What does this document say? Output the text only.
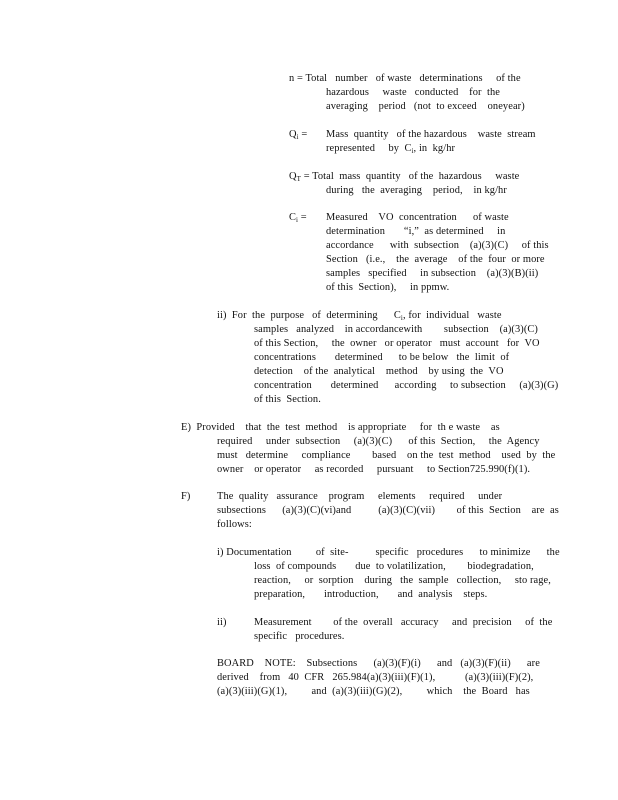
n = Total   number   of waste   determinations     of the
hazardous     waste   conducted    for  the
averaging    period   (not  to exceed    oneyear)
$Q_i$ = Mass  quantity   of the hazardous    waste  stream
represented     by  $C_i$, in  kg/hr
$Q_T$ = Total  mass  quantity   of the  hazardous     waste
during   the  averaging    period,    in kg/hr
$C_i$ = Measured    VO  concentration      of waste
determination       “i,”  as determined     in
accordance      with  subsection    (a)(3)(C)     of this
Section   (i.e.,    the  average    of the  four  or more
samples   specified     in subsection    (a)(3)(B)(ii)
of this  Section),     in ppmw.
ii)  For  the  purpose   of  determining      $C_i$, for  individual   waste
samples   analyzed    in accordancewith        subsection    (a)(3)(C)
of this Section,     the  owner   or operator   must  account   for  VO
concentrations       determined      to be below   the  limit  of
detection    of the  analytical    method    by using  the  VO
concentration       determined      according     to subsection     (a)(3)(G)
of this  Section.
E)  Provided    that  the  test  method    is appropriate     for  th e waste    as
required     under  subsection     (a)(3)(C)      of this  Section,     the  Agency
must   determine     compliance        based    on the  test  method    used  by  the
owner    or operator     as recorded     pursuant     to Section725.990(f)(1).
F)	The  quality   assurance    program     elements     required     under
subsections      (a)(3)(C)(vi)and          (a)(3)(C)(vii)        of this  Section    are  as
follows:
i) Documentation         of  site-          specific   procedures      to minimize      the
loss  of compounds       due  to volatilization,        biodegradation,
reaction,     or  sorption    during   the  sample   collection,     sto rage,
preparation,       introduction,       and  analysis    steps.
ii)	Measurement        of the  overall   accuracy     and  precision     of  the
specific   procedures.
BOARD    NOTE:    Subsections      (a)(3)(F)(i)      and   (a)(3)(F)(ii)      are
derived    from   40  CFR   265.984(a)(3)(iii)(F)(1),           (a)(3)(iii)(F)(2),
(a)(3)(iii)(G)(1),         and  (a)(3)(iii)(G)(2),         which    the  Board   has
